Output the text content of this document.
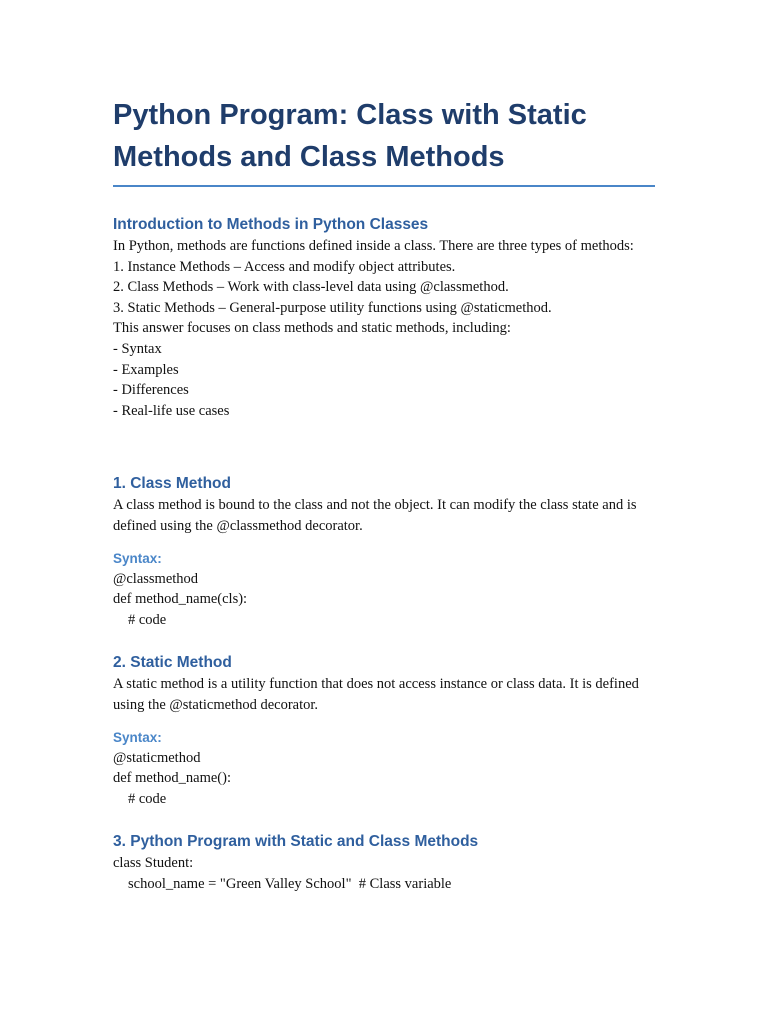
Python Program: Class with Static Methods and Class Methods
Introduction to Methods in Python Classes

In Python, methods are functions defined inside a class. There are three types of methods:

1. Instance Methods – Access and modify object attributes.

2. Class Methods – Work with class-level data using @classmethod.

3. Static Methods – General-purpose utility functions using @staticmethod.

This answer focuses on class methods and static methods, including:

- Syntax

- Examples

- Differences

- Real-life use cases

1. Class Method

A class method is bound to the class and not the object. It can modify the class state and is defined using the @classmethod decorator.

Syntax:

@classmethod

def method_name(cls):

# code

2. Static Method

A static method is a utility function that does not access instance or class data. It is defined using the @staticmethod decorator.

Syntax:

@staticmethod

def method_name():

# code

3. Python Program with Static and Class Methods

class Student:

school_name = "Green Valley School"  # Class variable
